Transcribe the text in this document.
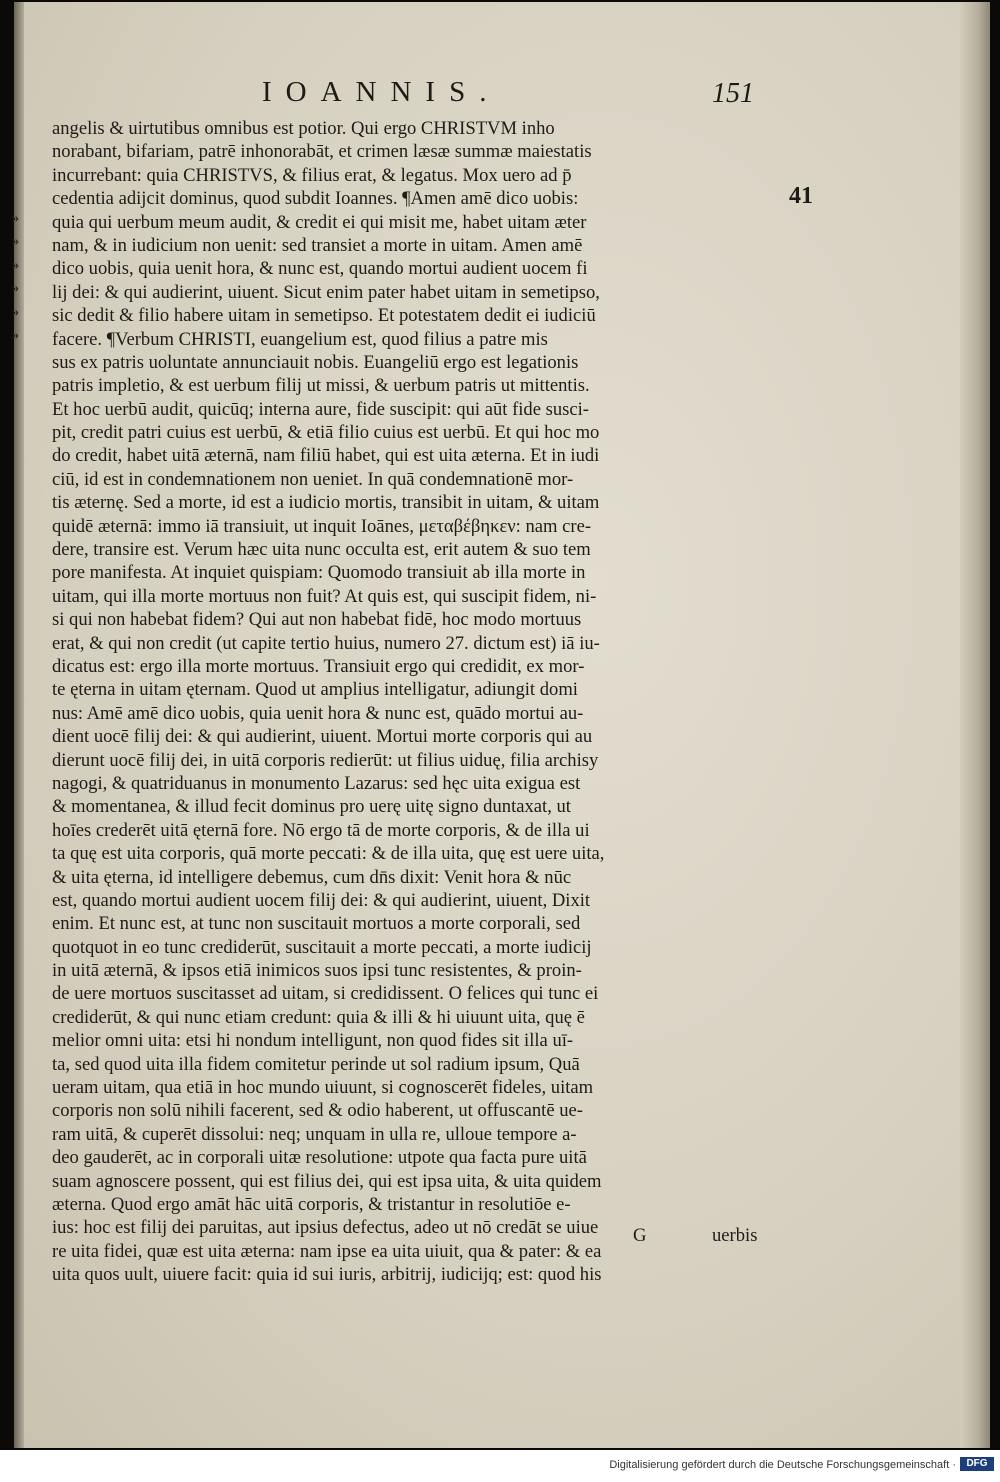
IOANNIS.	151
41
»
»
»
»
»
»
angelis & uirtutibus omnibus est potior. Qui ergo CHRISTVM inho
norabant, bifariam, patrē inhonorabāt, et crimen læsæ summæ maiestatis
incurrebant: quia CHRISTVS, & filius erat, & legatus. Mox uero ad p̄
cedentia adijcit dominus, quod subdit Ioannes. ¶Amen amē dico uobis:
quia qui uerbum meum audit, & credit ei qui misit me, habet uitam æter
nam, & in iudicium non uenit: sed transiet a morte in uitam. Amen amē
dico uobis, quia uenit hora, & nunc est, quando mortui audient uocem fi
lij dei: & qui audierint, uiuent. Sicut enim pater habet uitam in semetipso,
sic dedit & filio habere uitam in semetipso. Et potestatem dedit ei iudiciū
facere. ¶Verbum CHRISTI, euangelium est, quod filius a patre mis
sus ex patris uoluntate annunciauit nobis. Euangeliū ergo est legationis
patris impletio, & est uerbum filij ut missi, & uerbum patris ut mittentis.
Et hoc uerbū audit, quicūq; interna aure, fide suscipit: qui aūt fide susci-
pit, credit patri cuius est uerbū, & etiā filio cuius est uerbū. Et qui hoc mo
do credit, habet uitā æternā, nam filiū habet, qui est uita æterna. Et in iudi
ciū, id est in condemnationem non ueniet. In quā condemnationē mor-
tis æternę. Sed a morte, id est a iudicio mortis, transibit in uitam, & uitam
quidē æternā: immo iā transiuit, ut inquit Ioānes, μεταβέβηκεν: nam cre-
dere, transire est. Verum hæc uita nunc occulta est, erit autem & suo tem
pore manifesta. At inquiet quispiam: Quomodo transiuit ab illa morte in
uitam, qui illa morte mortuus non fuit? At quis est, qui suscipit fidem, ni-
si qui non habebat fidem? Qui aut non habebat fidē, hoc modo mortuus
erat, & qui non credit (ut capite tertio huius, numero 27. dictum est) iā iu-
dicatus est: ergo illa morte mortuus. Transiuit ergo qui credidit, ex mor-
te ęterna in uitam ęternam. Quod ut amplius intelligatur, adiungit domi
nus: Amē amē dico uobis, quia uenit hora & nunc est, quādo mortui au-
dient uocē filij dei: & qui audierint, uiuent. Mortui morte corporis qui au
dierunt uocē filij dei, in uitā corporis redierūt: ut filius uiduę, filia archisy
nagogi, & quatriduanus in monumento Lazarus: sed hęc uita exigua est
& momentanea, & illud fecit dominus pro uerę uitę signo duntaxat, ut
hoīes crederēt uitā ęternā fore. Nō ergo tā de morte corporis, & de illa ui
ta quę est uita corporis, quā morte peccati: & de illa uita, quę est uere uita,
& uita ęterna, id intelligere debemus, cum dn̄s dixit: Venit hora & nūc
est, quando mortui audient uocem filij dei: & qui audierint, uiuent, Dixit
enim. Et nunc est, at tunc non suscitauit mortuos a morte corporali, sed
quotquot in eo tunc crediderūt, suscitauit a morte peccati, a morte iudicij
in uitā æternā, & ipsos etiā inimicos suos ipsi tunc resistentes, & proin-
de uere mortuos suscitasset ad uitam, si credidissent. O felices qui tunc ei
crediderūt, & qui nunc etiam credunt: quia & illi & hi uiuunt uita, quę ē
melior omni uita: etsi hi nondum intelligunt, non quod fides sit illa uī-
ta, sed quod uita illa fidem comitetur perinde ut sol radium ipsum, Quā
ueram uitam, qua etiā in hoc mundo uiuunt, si cognoscerēt fideles, uitam
corporis non solū nihili facerent, sed & odio haberent, ut offuscantē ue-
ram uitā, & cuperēt dissolui: neq; unquam in ulla re, ulloue tempore a-
deo gauderēt, ac in corporali uitæ resolutione: utpote qua facta pure uitā
suam agnoscere possent, qui est filius dei, qui est ipsa uita, & uita quidem
æterna. Quod ergo amāt hāc uitā corporis, & tristantur in resolutiōe e-
ius: hoc est filij dei paruitas, aut ipsius defectus, adeo ut nō credāt se uiue
re uita fidei, quæ est uita æterna: nam ipse ea uita uiuit, qua & pater: & ea
uita quos uult, uiuere facit: quia id sui iuris, arbitrij, iudicijq; est: quod his
G	uerbis
Digitalisierung gefördert durch die Deutsche Forschungsgemeinschaft ·	DFG
